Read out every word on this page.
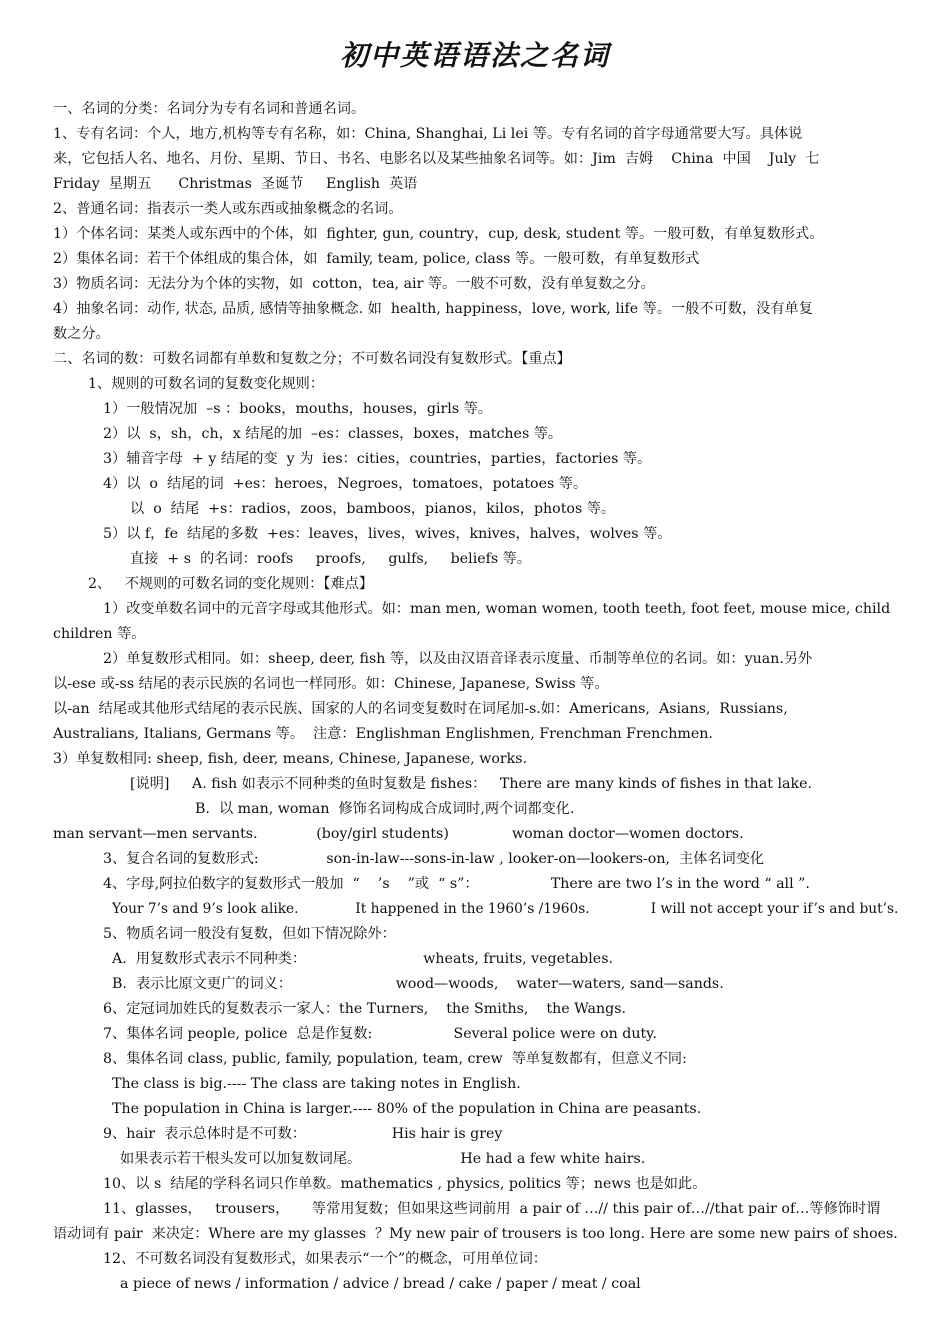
初中英语语法之名词
一、名词的分类：名词分为专有名词和普通名词。
1、专有名词：个人，地方,机构等专有名称，如：China, Shanghai, Li lei 等。专有名词的首字母通常要大写。具体说
来，它包括人名、地名、月份、星期、节日、书名、电影名以及某些抽象名词等。如：Jim  吉姆    China  中国    July  七
Friday  星期五      Christmas  圣诞节     English  英语
2、普通名词：指表示一类人或东西或抽象概念的名词。
1）个体名词：某类人或东西中的个体，如  fighter, gun, country，cup, desk, student 等。一般可数，有单复数形式。
2）集体名词：若干个体组成的集合体，如  family, team, police, class 等。一般可数，有单复数形式
3）物质名词：无法分为个体的实物，如  cotton，tea, air 等。一般不可数，没有单复数之分。
4）抽象名词：动作, 状态, 品质, 感情等抽象概念. 如  health, happiness，love, work, life 等。一般不可数，没有单复
数之分。
二、名词的数：可数名词都有单数和复数之分；不可数名词没有复数形式。【重点】
1、规则的可数名词的复数变化规则：
1）一般情况加  –s ：books，mouths，houses，girls 等。
2）以  s，sh，ch，x 结尾的加  –es：classes，boxes，matches 等。
3）辅音字母  + y 结尾的变  y 为  ies：cities，countries，parties，factories 等。
4）以  o  结尾的词  +es：heroes，Negroes，tomatoes，potatoes 等。
以  o  结尾  +s：radios，zoos，bamboos，pianos，kilos，photos 等。
5）以 f，fe  结尾的多数  +es：leaves，lives，wives，knives，halves，wolves 等。
直接  + s  的名词：roofs     proofs,     gulfs,     beliefs 等。
2、   不规则的可数名词的变化规则：【难点】
1）改变单数名词中的元音字母或其他形式。如：man men, woman women, tooth teeth, foot feet, mouse mice, child
children 等。
2）单复数形式相同。如：sheep, deer, fish 等，以及由汉语音译表示度量、币制等单位的名词。如：yuan.另外
以-ese 或-ss 结尾的表示民族的名词也一样同形。如：Chinese, Japanese, Swiss 等。
以-an  结尾或其他形式结尾的表示民族、国家的人的名词变复数时在词尾加-s.如：Americans,  Asians,  Russians,
Australians, Italians, Germans 等。  注意：Englishman Englishmen, Frenchman Frenchmen.
3）单复数相同: sheep, fish, deer, means, Chinese, Japanese, works.
[说明]     A. fish 如表示不同种类的鱼时复数是 fishes：   There are many kinds of fishes in that lake.
B.  以 man, woman  修饰名词构成合成词时,两个词都变化.
man servant—men servants.             (boy/girl students)              woman doctor—women doctors.
3、复合名词的复数形式:               son-in-law---sons-in-law , looker-on—lookers-on,  主体名词变化
4、字母,阿拉伯数字的复数形式一般加  “    ’s    ”或  “ s”：                There are two l’s in the word “ all ”.
Your 7’s and 9’s look alike.             It happened in the 1960’s /1960s.              I will not accept your if’s and but’s.
5、物质名词一般没有复数，但如下情况除外：
A.  用复数形式表示不同种类：                          wheats, fruits, vegetables.
B.  表示比原文更广的词义：                       wood—woods,    water—waters, sand—sands.
6、定冠词加姓氏的复数表示一家人：the Turners,    the Smiths,    the Wangs.
7、集体名词 people, police  总是作复数:                  Several police were on duty.
8、集体名词 class, public, family, population, team, crew  等单复数都有，但意义不同:
The class is big.---- The class are taking notes in English.
The population in China is larger.---- 80% of the population in China are peasants.
9、hair  表示总体时是不可数：                   His hair is grey
如果表示若干根头发可以加复数词尾。                      He had a few white hairs.
10、以 s  结尾的学科名词只作单数。mathematics , physics, politics 等；news 也是如此。
11、glasses，   trousers，     等常用复数；但如果这些词前用  a pair of …// this pair of…//that pair of…等修饰时谓
语动词有 pair  来决定：Where are my glasses  ？My new pair of trousers is too long. Here are some new pairs of shoes.
12、不可数名词没有复数形式，如果表示“一个”的概念，可用单位词：
a piece of news / information / advice / bread / cake / paper / meat / coal
